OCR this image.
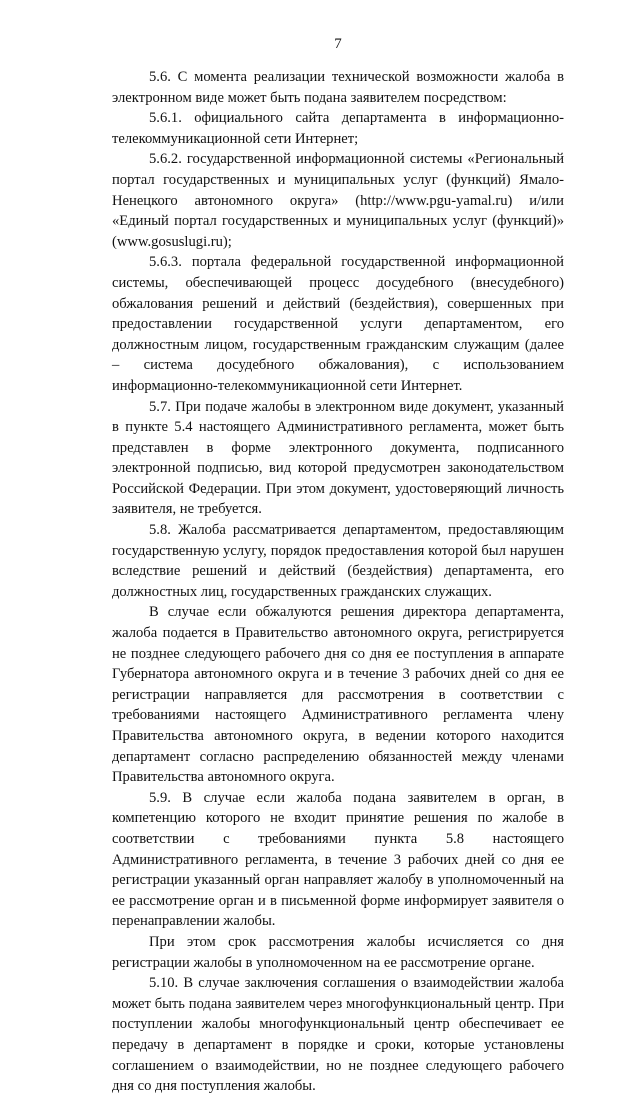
7

5.6. С момента реализации технической возможности жалоба в электронном виде может быть подана заявителем посредством:

5.6.1. официального сайта департамента в информационно-телекоммуникационной сети Интернет;

5.6.2. государственной информационной системы «Региональный портал государственных и муниципальных услуг (функций) Ямало-Ненецкого автономного округа» (http://www.pgu-yamal.ru) и/или «Единый портал государственных и муниципальных услуг (функций)» (www.gosuslugi.ru);

5.6.3. портала федеральной государственной информационной системы, обеспечивающей процесс досудебного (внесудебного) обжалования решений и действий (бездействия), совершенных при предоставлении государственной услуги департаментом, его должностным лицом, государственным гражданским служащим (далее – система досудебного обжалования), с использованием информационно-телекоммуникационной сети Интернет.

5.7. При подаче жалобы в электронном виде документ, указанный в пункте 5.4 настоящего Административного регламента, может быть представлен в форме электронного документа, подписанного электронной подписью, вид которой предусмотрен законодательством Российской Федерации. При этом документ, удостоверяющий личность заявителя, не требуется.

5.8. Жалоба рассматривается департаментом, предоставляющим государственную услугу, порядок предоставления которой был нарушен вследствие решений и действий (бездействия) департамента, его должностных лиц, государственных гражданских служащих.

В случае если обжалуются решения директора департамента, жалоба подается в Правительство автономного округа, регистрируется не позднее следующего рабочего дня со дня ее поступления в аппарате Губернатора автономного округа и в течение 3 рабочих дней со дня ее регистрации направляется для рассмотрения в соответствии с требованиями настоящего Административного регламента члену Правительства автономного округа, в ведении которого находится департамент согласно распределению обязанностей между членами Правительства автономного округа.

5.9. В случае если жалоба подана заявителем в орган, в компетенцию которого не входит принятие решения по жалобе в соответствии с требованиями пункта 5.8 настоящего Административного регламента, в течение 3 рабочих дней со дня ее регистрации указанный орган направляет жалобу в уполномоченный на ее рассмотрение орган и в письменной форме информирует заявителя о перенаправлении жалобы.

При этом срок рассмотрения жалобы исчисляется со дня регистрации жалобы в уполномоченном на ее рассмотрение органе.

5.10. В случае заключения соглашения о взаимодействии жалоба может быть подана заявителем через многофункциональный центр. При поступлении жалобы многофункциональный центр обеспечивает ее передачу в департамент в порядке и сроки, которые установлены соглашением о взаимодействии, но не позднее следующего рабочего дня со дня поступления жалобы.
